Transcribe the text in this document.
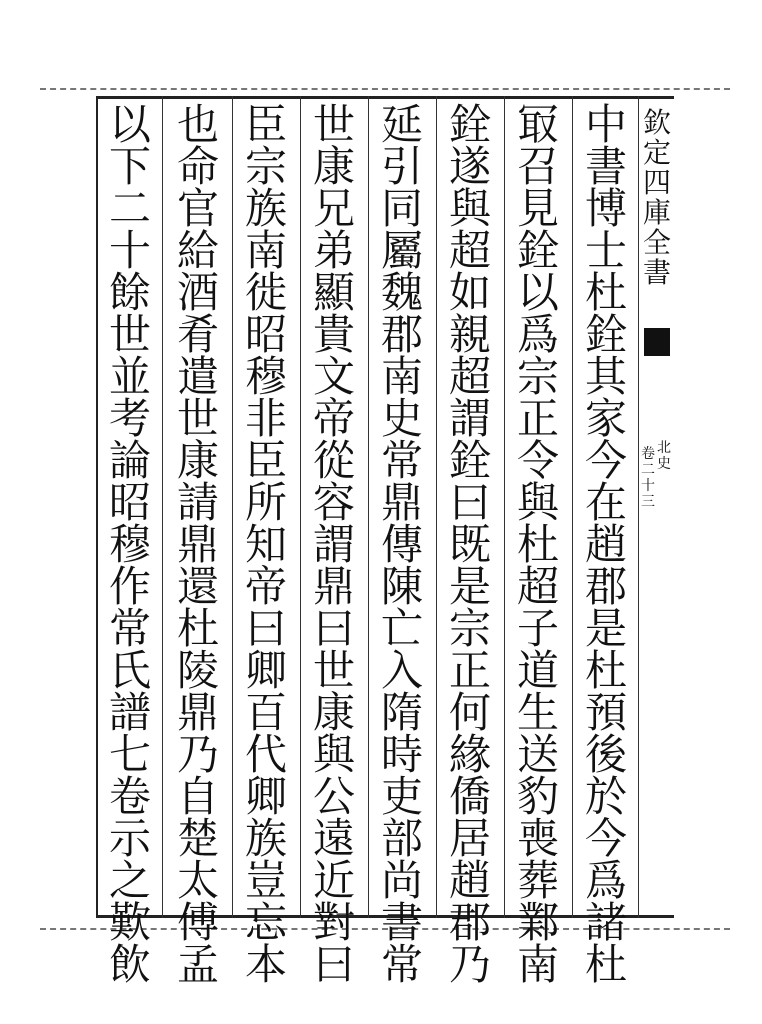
欽
定
四
庫
全
書
北
史
卷
二
十
三
中
書
博
士
杜
銓
其
家
今
在
趙
郡
是
杜
預
後
於
今
爲
諸
杜
冣
召
見
銓
以
爲
宗
正
令
與
杜
超
子
道
生
送
豹
喪
葬
鄴
南
銓
遂
與
超
如
親
超
謂
銓
曰
既
是
宗
正
何
緣
僑
居
趙
郡
乃
延
引
同
屬
魏
郡
南
史
常
鼎
傳
陳
亡
入
隋
時
吏
部
尚
書
常
世
康
兄
弟
顯
貴
文
帝
從
容
謂
鼎
曰
世
康
與
公
遠
近
對
曰
臣
宗
族
南
徙
昭
穆
非
臣
所
知
帝
曰
卿
百
代
卿
族
豈
忘
本
也
命
官
給
酒
肴
遣
世
康
請
鼎
還
杜
陵
鼎
乃
自
楚
太
傅
孟
以
下
二
十
餘
世
並
考
論
昭
穆
作
常
氏
譜
七
卷
示
之
歎
飲
